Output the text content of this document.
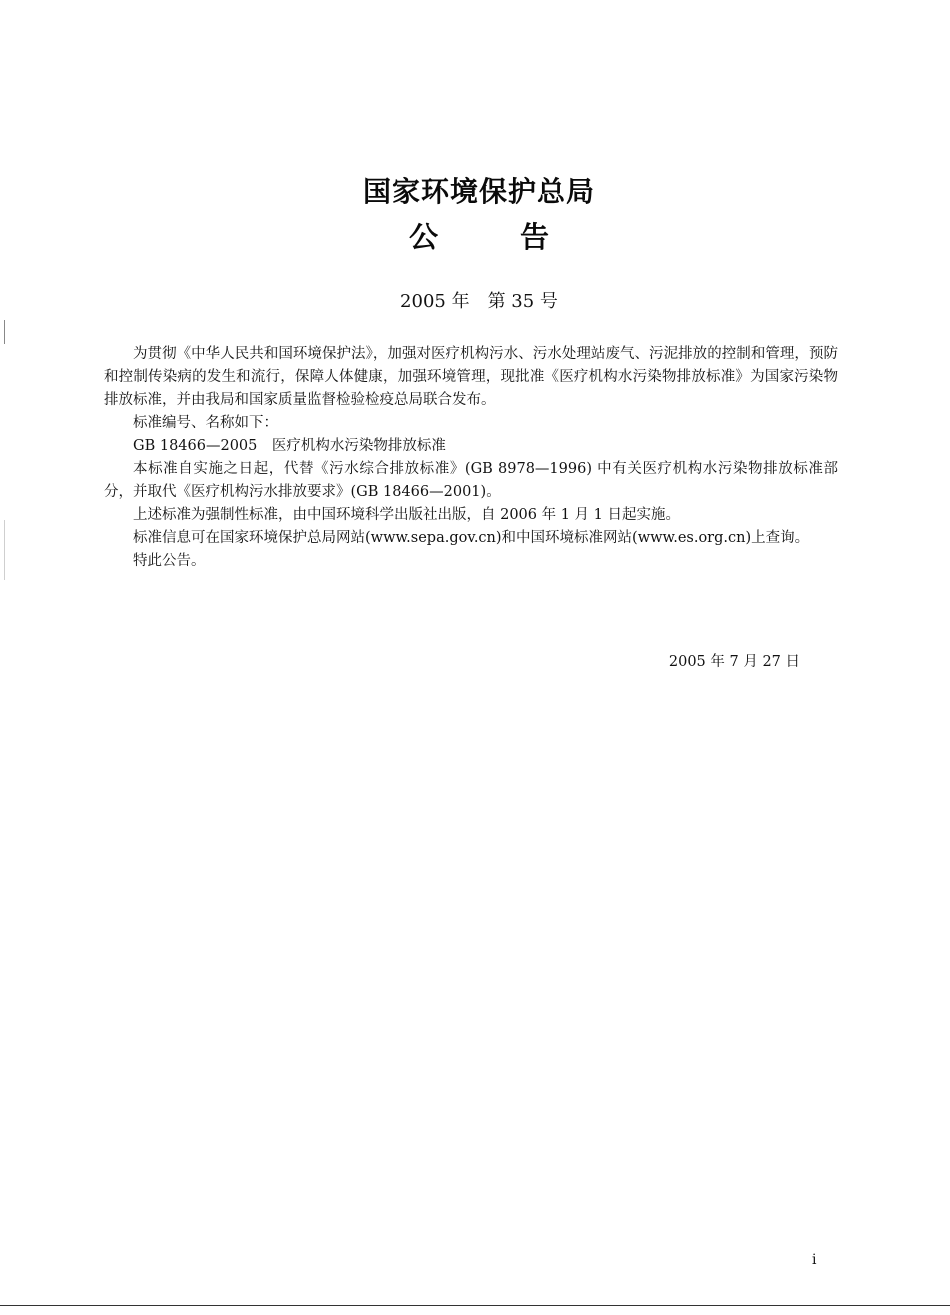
国家环境保护总局
公	告
2005 年　第 35 号

为贯彻《中华人民共和国环境保护法》，加强对医疗机构污水、污水处理站废气、污泥排放的控制和管理，预防和控制传染病的发生和流行，保障人体健康，加强环境管理，现批准《医疗机构水污染物排放标准》为国家污染物排放标准，并由我局和国家质量监督检验检疫总局联合发布。

标准编号、名称如下：

GB 18466—2005　医疗机构水污染物排放标准

本标准自实施之日起，代替《污水综合排放标准》(GB 8978—1996) 中有关医疗机构水污染物排放标准部分，并取代《医疗机构污水排放要求》(GB 18466—2001)。

上述标准为强制性标准，由中国环境科学出版社出版，自 2006 年 1 月 1 日起实施。

标准信息可在国家环境保护总局网站(www.sepa.gov.cn)和中国环境标准网站(www.es.org.cn)上查询。

特此公告。

2005 年 7 月 27 日
i
